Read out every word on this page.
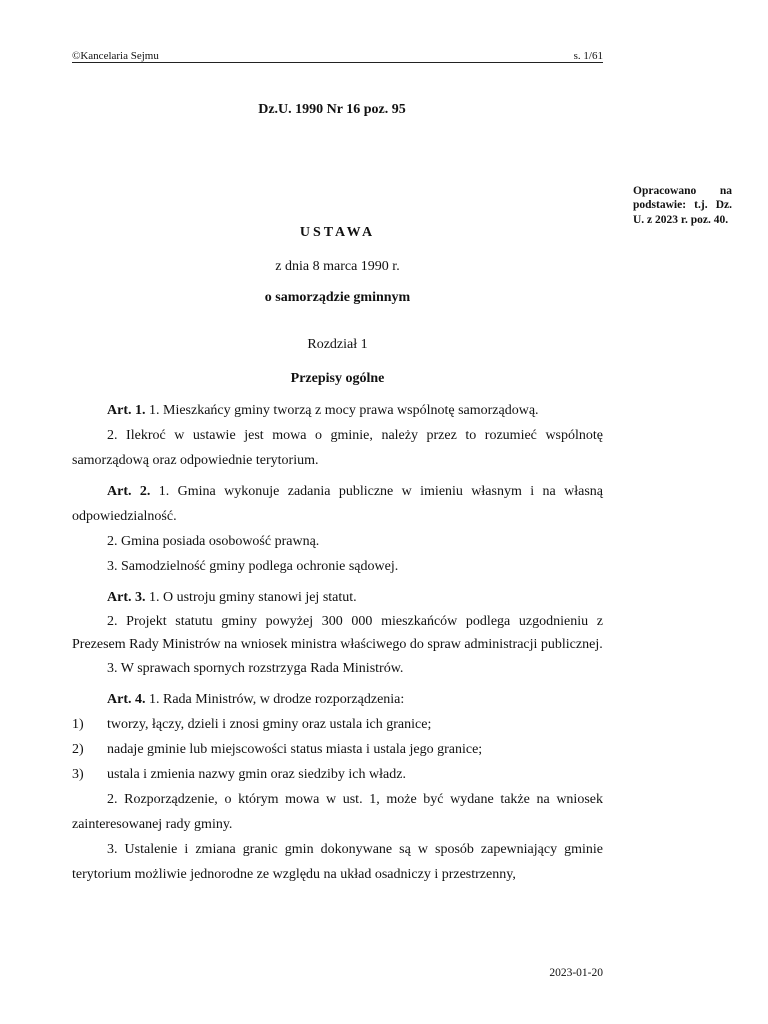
©Kancelaria Sejmu	s. 1/61
Dz.U. 1990 Nr 16 poz. 95
Opracowano na podstawie: t.j. Dz. U. z 2023 r. poz. 40.
USTAWA
z dnia 8 marca 1990 r.
o samorządzie gminnym
Rozdział 1
Przepisy ogólne

Art. 1. 1. Mieszkańcy gminy tworzą z mocy prawa wspólnotę samorządową.

2. Ilekroć w ustawie jest mowa o gminie, należy przez to rozumieć wspólnotę samorządową oraz odpowiednie terytorium.

Art. 2. 1. Gmina wykonuje zadania publiczne w imieniu własnym i na własną odpowiedzialność.

2. Gmina posiada osobowość prawną.

3. Samodzielność gminy podlega ochronie sądowej.

Art. 3. 1. O ustroju gminy stanowi jej statut.

2. Projekt statutu gminy powyżej 300 000 mieszkańców podlega uzgodnieniu z Prezesem Rady Ministrów na wniosek ministra właściwego do spraw administracji publicznej.

3. W sprawach spornych rozstrzyga Rada Ministrów.

Art. 4. 1. Rada Ministrów, w drodze rozporządzenia:

1) tworzy, łączy, dzieli i znosi gminy oraz ustala ich granice;

2) nadaje gminie lub miejscowości status miasta i ustala jego granice;

3) ustala i zmienia nazwy gmin oraz siedziby ich władz.

2. Rozporządzenie, o którym mowa w ust. 1, może być wydane także na wniosek zainteresowanej rady gminy.

3. Ustalenie i zmiana granic gmin dokonywane są w sposób zapewniający gminie terytorium możliwie jednorodne ze względu na układ osadniczy i przestrzenny,

2023-01-20
